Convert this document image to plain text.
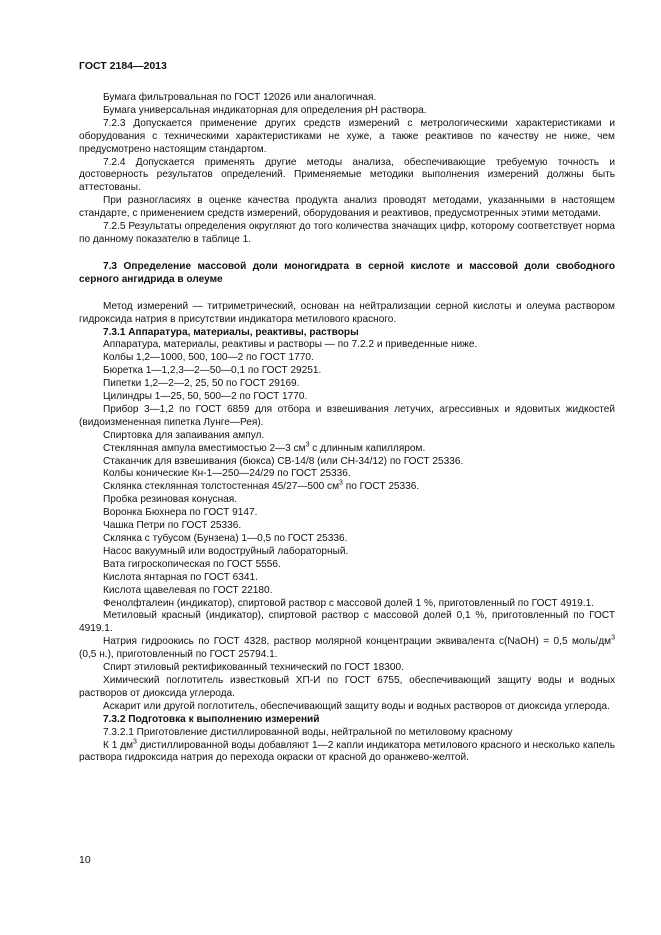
ГОСТ 2184—2013

Бумага фильтровальная по ГОСТ 12026 или аналогичная.

Бумага универсальная индикаторная для определения pH раствора.

7.2.3 Допускается применение других средств измерений с метрологическими характеристиками и оборудования с техническими характеристиками не хуже, а также реактивов по качеству не ниже, чем предусмотрено настоящим стандартом.

7.2.4 Допускается применять другие методы анализа, обеспечивающие требуемую точность и достоверность результатов определений. Применяемые методики выполнения измерений должны быть аттестованы.

При разногласиях в оценке качества продукта анализ проводят методами, указанными в настоящем стандарте, с применением средств измерений, оборудования и реактивов, предусмотренных этими методами.

7.2.5 Результаты определения округляют до того количества значащих цифр, которому соответствует норма по данному показателю в таблице 1.

7.3 Определение массовой доли моногидрата в серной кислоте и массовой доли свободного серного ангидрида в олеуме

Метод измерений — титриметрический, основан на нейтрализации серной кислоты и олеума раствором гидроксида натрия в присутствии индикатора метилового красного.

7.3.1 Аппаратура, материалы, реактивы, растворы

Аппаратура, материалы, реактивы и растворы — по 7.2.2 и приведенные ниже.

Колбы 1,2—1000, 500, 100—2 по ГОСТ 1770.

Бюретка 1—1,2,3—2—50—0,1 по ГОСТ 29251.

Пипетки 1,2—2—2, 25, 50 по ГОСТ 29169.

Цилиндры 1—25, 50, 500—2 по ГОСТ 1770.

Прибор 3—1,2 по ГОСТ 6859 для отбора и взвешивания летучих, агрессивных и ядовитых жидкостей (видоизмененная пипетка Лунге—Рея).

Спиртовка для запаивания ампул.

Стеклянная ампула вместимостью 2—3 $см^3$ с длинным капилляром.

Стаканчик для взвешивания (бюкса) СВ-14/8 (или СН-34/12) по ГОСТ 25336.

Колбы конические Кн-1—250—24/29 по ГОСТ 25336.

Склянка стеклянная толстостенная 45/27—500 $см^3$ по ГОСТ 25336.

Пробка резиновая конусная.

Воронка Бюхнера по ГОСТ 9147.

Чашка Петри по ГОСТ 25336.

Склянка с тубусом (Бунзена) 1—0,5 по ГОСТ 25336.

Насос вакуумный или водоструйный лабораторный.

Вата гигроскопическая по ГОСТ 5556.

Кислота янтарная по ГОСТ 6341.

Кислота щавелевая по ГОСТ 22180.

Фенолфталеин (индикатор), спиртовой раствор с массовой долей 1 %, приготовленный по ГОСТ 4919.1.

Метиловый красный (индикатор), спиртовой раствор с массовой долей 0,1 %, приготовленный по ГОСТ 4919.1.

Натрия гидроокись по ГОСТ 4328, раствор молярной концентрации эквивалента c(NaOH) = 0,5 моль/$дм^3$ (0,5 н.), приготовленный по ГОСТ 25794.1.

Спирт этиловый ректификованный технический по ГОСТ 18300.

Химический поглотитель известковый ХП-И по ГОСТ 6755, обеспечивающий защиту воды и водных растворов от диоксида углерода.

Аскарит или другой поглотитель, обеспечивающий защиту воды и водных растворов от диоксида углерода.

7.3.2 Подготовка к выполнению измерений

7.3.2.1 Приготовление дистиллированной воды, нейтральной по метиловому красному

К 1 $дм^3$ дистиллированной воды добавляют 1—2 капли индикатора метилового красного и несколько капель раствора гидроксида натрия до перехода окраски от красной до оранжево-желтой.

10
